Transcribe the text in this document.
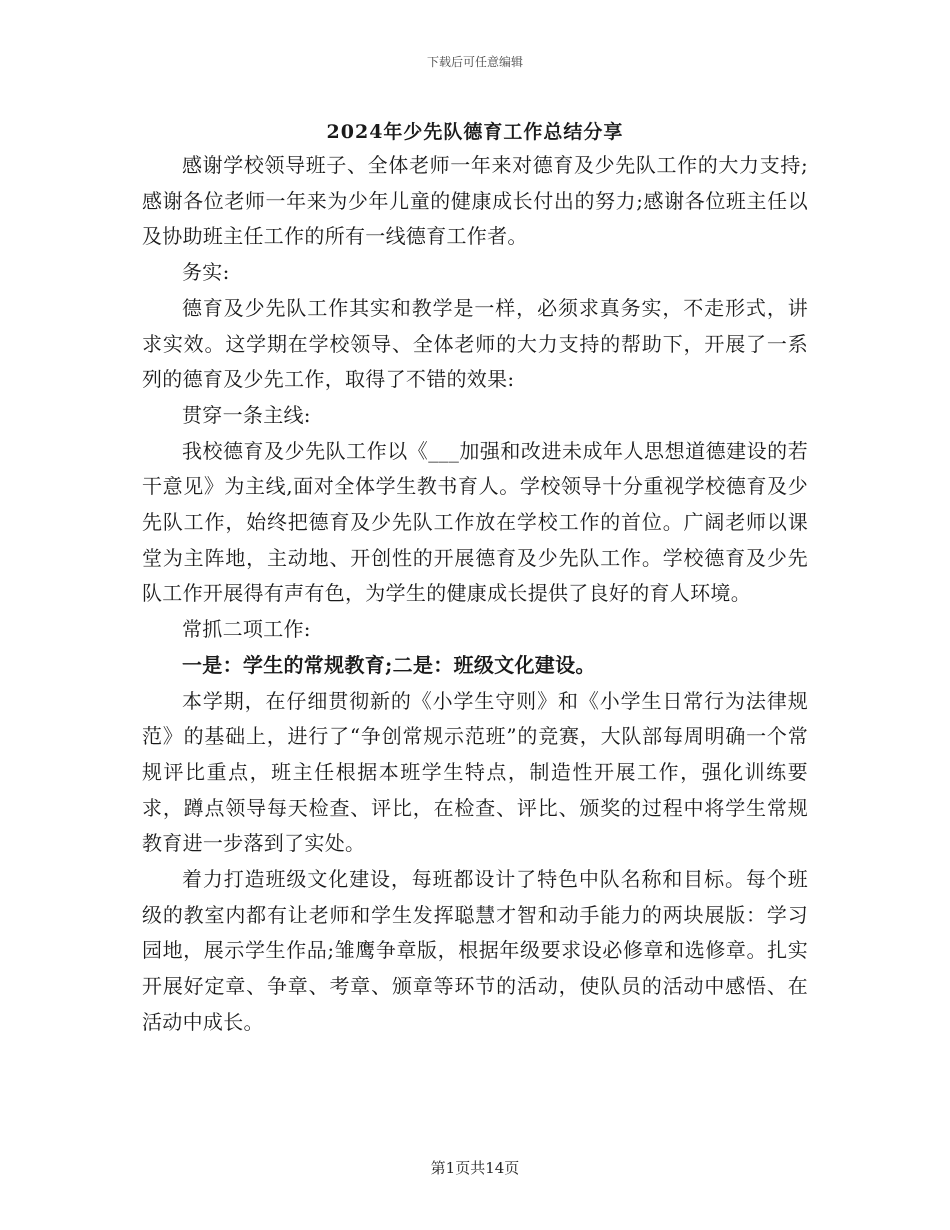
下载后可任意编辑
2024年少先队德育工作总结分享

感谢学校领导班子、全体老师一年来对德育及少先队工作的大力支持;感谢各位老师一年来为少年儿童的健康成长付出的努力;感谢各位班主任以及协助班主任工作的所有一线德育工作者。

务实:

德育及少先队工作其实和教学是一样，必须求真务实，不走形式，讲求实效。这学期在学校领导、全体老师的大力支持的帮助下，开展了一系列的德育及少先工作，取得了不错的效果:

贯穿一条主线:

我校德育及少先队工作以《___加强和改进未成年人思想道德建设的若干意见》为主线,面对全体学生教书育人。学校领导十分重视学校德育及少先队工作，始终把德育及少先队工作放在学校工作的首位。广阔老师以课堂为主阵地，主动地、开创性的开展德育及少先队工作。学校德育及少先队工作开展得有声有色，为学生的健康成长提供了良好的育人环境。

常抓二项工作:

一是：学生的常规教育;二是：班级文化建设。

本学期，在仔细贯彻新的《小学生守则》和《小学生日常行为法律规范》的基础上，进行了“争创常规示范班”的竞赛，大队部每周明确一个常规评比重点，班主任根据本班学生特点，制造性开展工作，强化训练要求，蹲点领导每天检查、评比，在检查、评比、颁奖的过程中将学生常规教育进一步落到了实处。

着力打造班级文化建设，每班都设计了特色中队名称和目标。每个班级的教室内都有让老师和学生发挥聪慧才智和动手能力的两块展版：学习园地，展示学生作品;雏鹰争章版，根据年级要求设必修章和选修章。扎实开展好定章、争章、考章、颁章等环节的活动，使队员的活动中感悟、在活动中成长。

第1页共14页
